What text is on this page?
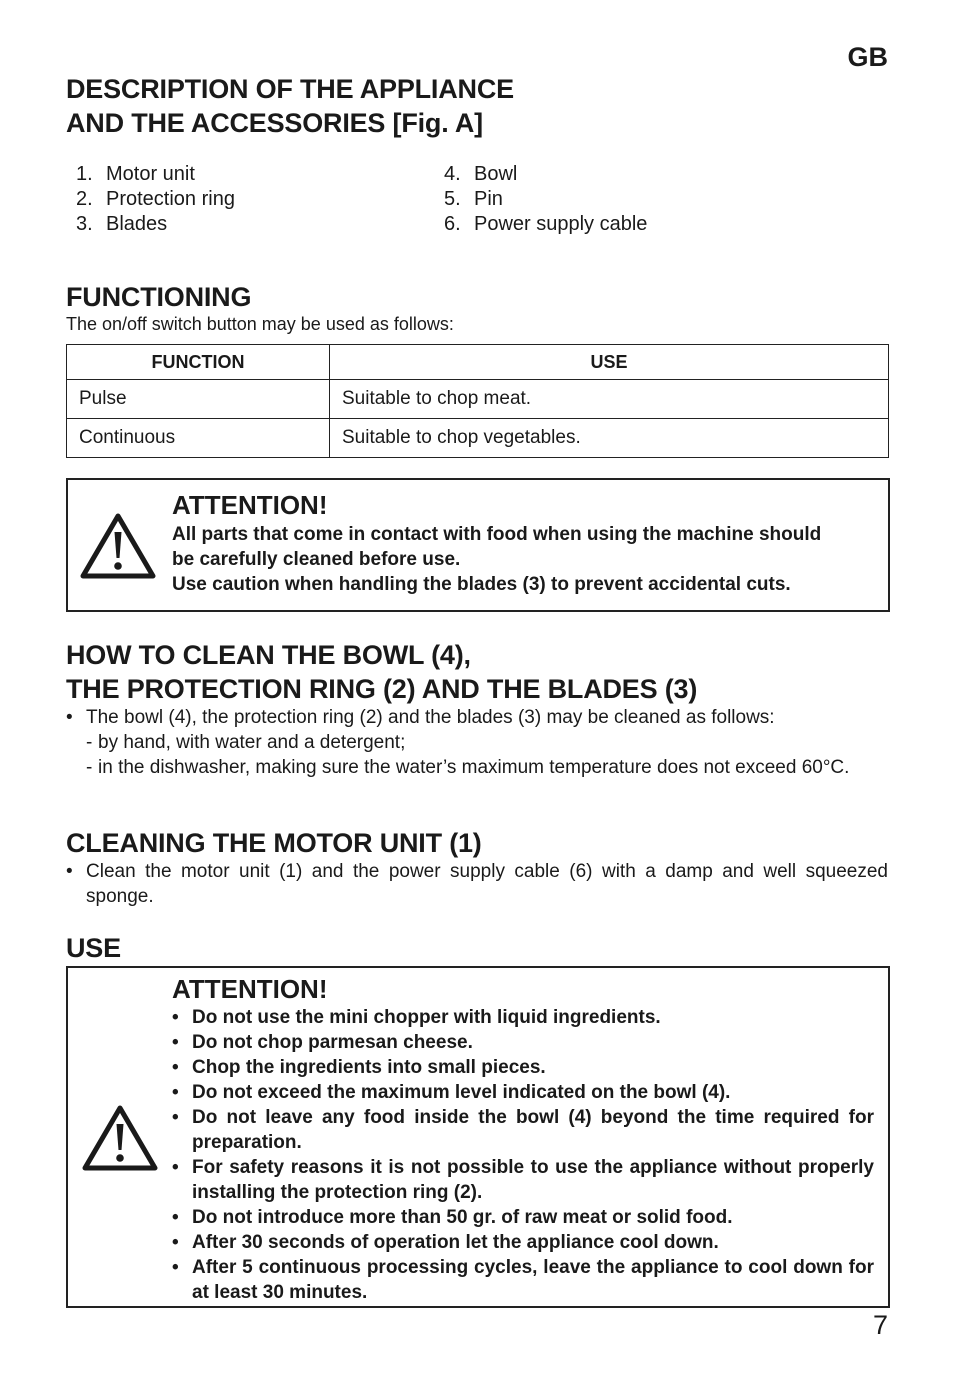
GB
DESCRIPTION OF THE APPLIANCE
AND THE ACCESSORIES [Fig. A]
1. Motor unit
2. Protection ring
3. Blades
4. Bowl
5. Pin
6. Power supply cable
FUNCTIONING
The on/off switch button may be used as follows:
FUNCTION	USE
Pulse	Suitable to chop meat.
Continuous	Suitable to chop vegetables.
ATTENTION!
All parts that come in contact with food when using the machine should
be carefully cleaned before use.
Use caution when handling the blades (3) to prevent accidental cuts.
HOW TO CLEAN THE BOWL (4),
THE PROTECTION RING (2) AND THE BLADES (3)
• The bowl (4), the protection ring (2) and the blades (3) may be cleaned as follows:
- by hand, with water and a detergent;
- in the dishwasher, making sure the water’s maximum temperature does not exceed 60°C.
CLEANING THE MOTOR UNIT (1)
• Clean the motor unit (1) and the power supply cable (6) with a damp and well squeezed sponge.
USE
ATTENTION!
• Do not use the mini chopper with liquid ingredients.
• Do not chop parmesan cheese.
• Chop the ingredients into small pieces.
• Do not exceed the maximum level indicated on the bowl (4).
• Do not leave any food inside the bowl (4) beyond the time required for preparation.
• For safety reasons it is not possible to use the appliance without properly installing the protection ring (2).
• Do not introduce more than 50 gr. of raw meat or solid food.
• After 30 seconds of operation let the appliance cool down.
• After 5 continuous processing cycles, leave the appliance to cool down for at least 30 minutes.
7
